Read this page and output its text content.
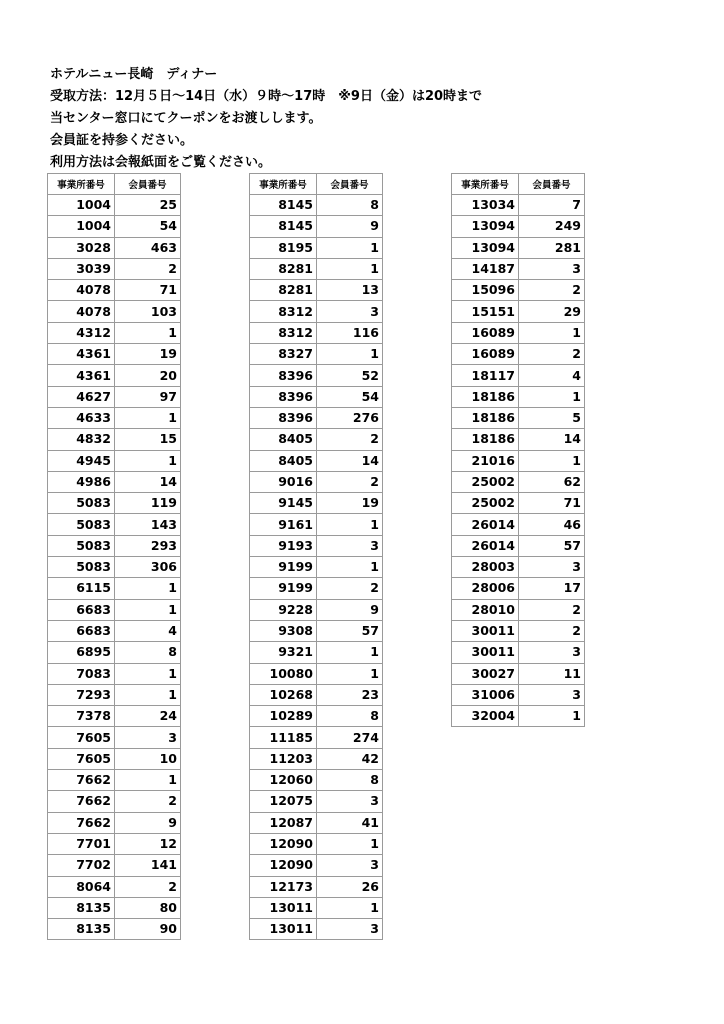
ホテルニュー長崎　ディナー
受取方法：12月５日～14日（水）９時～17時　※9日（金）は20時まで
当センター窓口にてクーポンをお渡しします。
会員証を持参ください。
利用方法は会報紙面をご覧ください。
事業所番号	会員番号
1004	25
1004	54
3028	463
3039	2
4078	71
4078	103
4312	1
4361	19
4361	20
4627	97
4633	1
4832	15
4945	1
4986	14
5083	119
5083	143
5083	293
5083	306
6115	1
6683	1
6683	4
6895	8
7083	1
7293	1
7378	24
7605	3
7605	10
7662	1
7662	2
7662	9
7701	12
7702	141
8064	2
8135	80
8135	90
事業所番号	会員番号
8145	8
8145	9
8195	1
8281	1
8281	13
8312	3
8312	116
8327	1
8396	52
8396	54
8396	276
8405	2
8405	14
9016	2
9145	19
9161	1
9193	3
9199	1
9199	2
9228	9
9308	57
9321	1
10080	1
10268	23
10289	8
11185	274
11203	42
12060	8
12075	3
12087	41
12090	1
12090	3
12173	26
13011	1
13011	3
事業所番号	会員番号
13034	7
13094	249
13094	281
14187	3
15096	2
15151	29
16089	1
16089	2
18117	4
18186	1
18186	5
18186	14
21016	1
25002	62
25002	71
26014	46
26014	57
28003	3
28006	17
28010	2
30011	2
30011	3
30027	11
31006	3
32004	1
